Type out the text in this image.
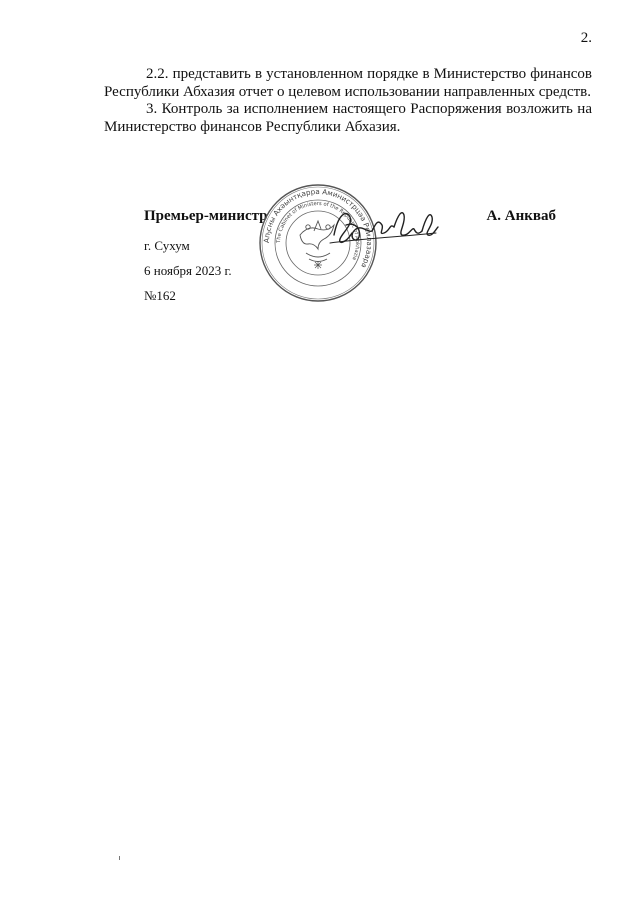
2.

2.2. представить в установленном порядке в Министерство финансов Республики Абхазия отчет о целевом использовании направленных средств.

3. Контроль за исполнением настоящего Распоряжения возложить на Министерство финансов Республики Абхазия.

Премьер-министр	А. Анкваб
Аҧсны Ахәынтқарра Аминистрцәа Реилазаара
The Cabinet of Ministers of the Republic of Abkhazia
г. Сухум
6 ноября 2023 г.
№162
